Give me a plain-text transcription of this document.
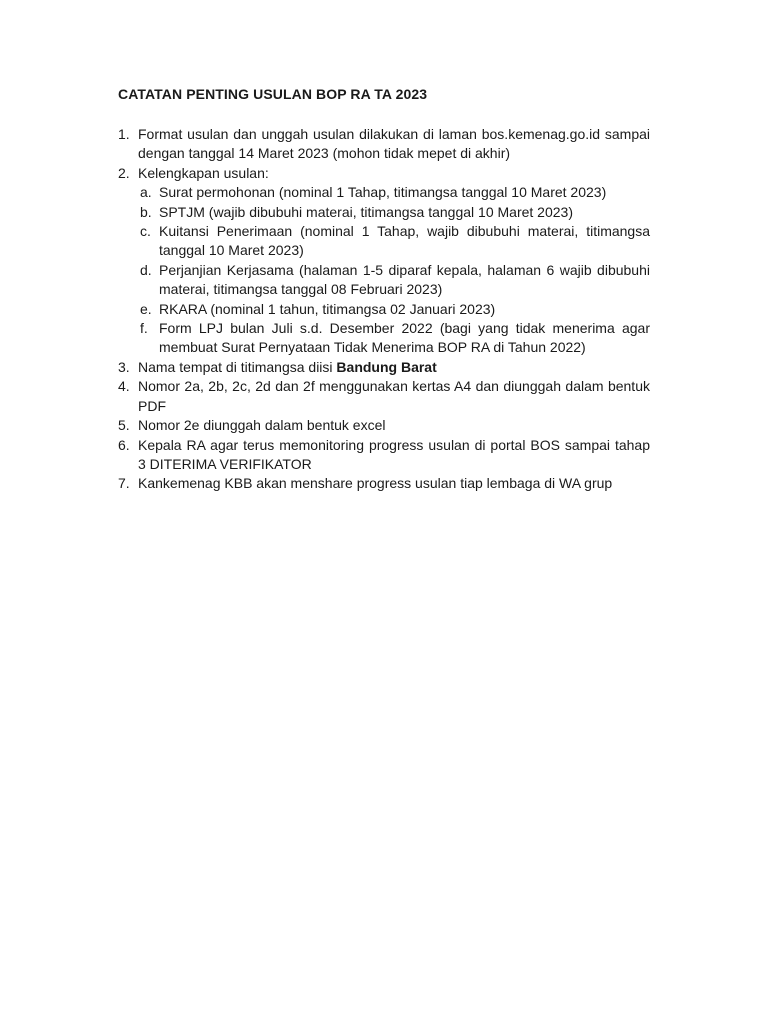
CATATAN PENTING USULAN BOP RA TA 2023
1. Format usulan dan unggah usulan dilakukan di laman bos.kemenag.go.id sampai dengan tanggal 14 Maret 2023 (mohon tidak mepet di akhir)
2. Kelengkapan usulan:
a. Surat permohonan (nominal 1 Tahap, titimangsa tanggal 10 Maret 2023)
b. SPTJM (wajib dibubuhi materai, titimangsa tanggal 10 Maret 2023)
c. Kuitansi Penerimaan (nominal 1 Tahap, wajib dibubuhi materai, titimangsa tanggal 10 Maret 2023)
d. Perjanjian Kerjasama (halaman 1-5 diparaf kepala, halaman 6 wajib dibubuhi materai, titimangsa tanggal 08 Februari 2023)
e. RKARA (nominal 1 tahun, titimangsa 02 Januari 2023)
f. Form LPJ bulan Juli s.d. Desember 2022 (bagi yang tidak menerima agar membuat Surat Pernyataan Tidak Menerima BOP RA di Tahun 2022)
3. Nama tempat di titimangsa diisi Bandung Barat
4. Nomor 2a, 2b, 2c, 2d dan 2f menggunakan kertas A4 dan diunggah dalam bentuk PDF
5. Nomor 2e diunggah dalam bentuk excel
6. Kepala RA agar terus memonitoring progress usulan di portal BOS sampai tahap 3 DITERIMA VERIFIKATOR
7. Kankemenag KBB akan menshare progress usulan tiap lembaga di WA grup
